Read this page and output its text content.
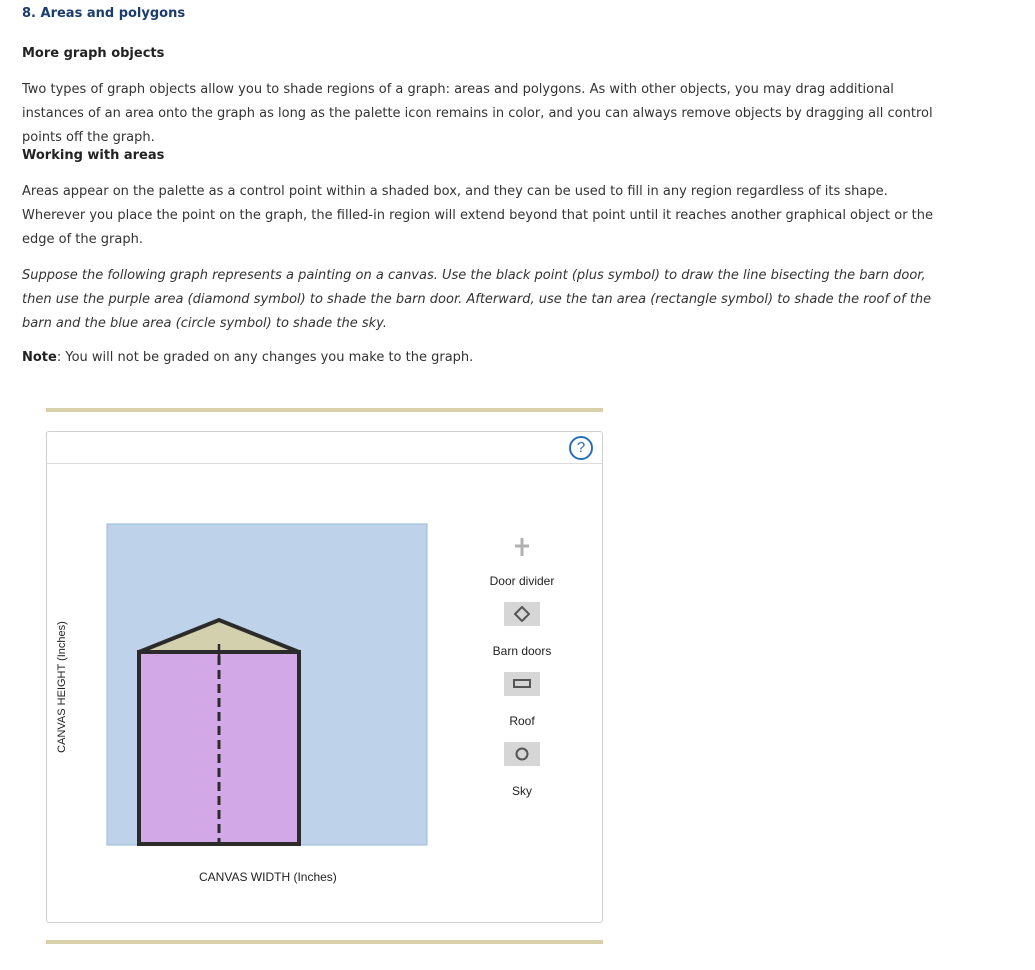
8. Areas and polygons
More graph objects
Two types of graph objects allow you to shade regions of a graph: areas and polygons. As with other objects, you may drag additional instances of an area onto the graph as long as the palette icon remains in color, and you can always remove objects by dragging all control points off the graph.
Working with areas
Areas appear on the palette as a control point within a shaded box, and they can be used to fill in any region regardless of its shape. Wherever you place the point on the graph, the filled-in region will extend beyond that point until it reaches another graphical object or the edge of the graph.
Suppose the following graph represents a painting on a canvas. Use the black point (plus symbol) to draw the line bisecting the barn door, then use the purple area (diamond symbol) to shade the barn door. Afterward, use the tan area (rectangle symbol) to shade the roof of the barn and the blue area (circle symbol) to shade the sky.
Note: You will not be graded on any changes you make to the graph.
?
CANVAS HEIGHT (Inches)
CANVAS WIDTH (Inches)
Door divider
Barn doors
Roof
Sky
